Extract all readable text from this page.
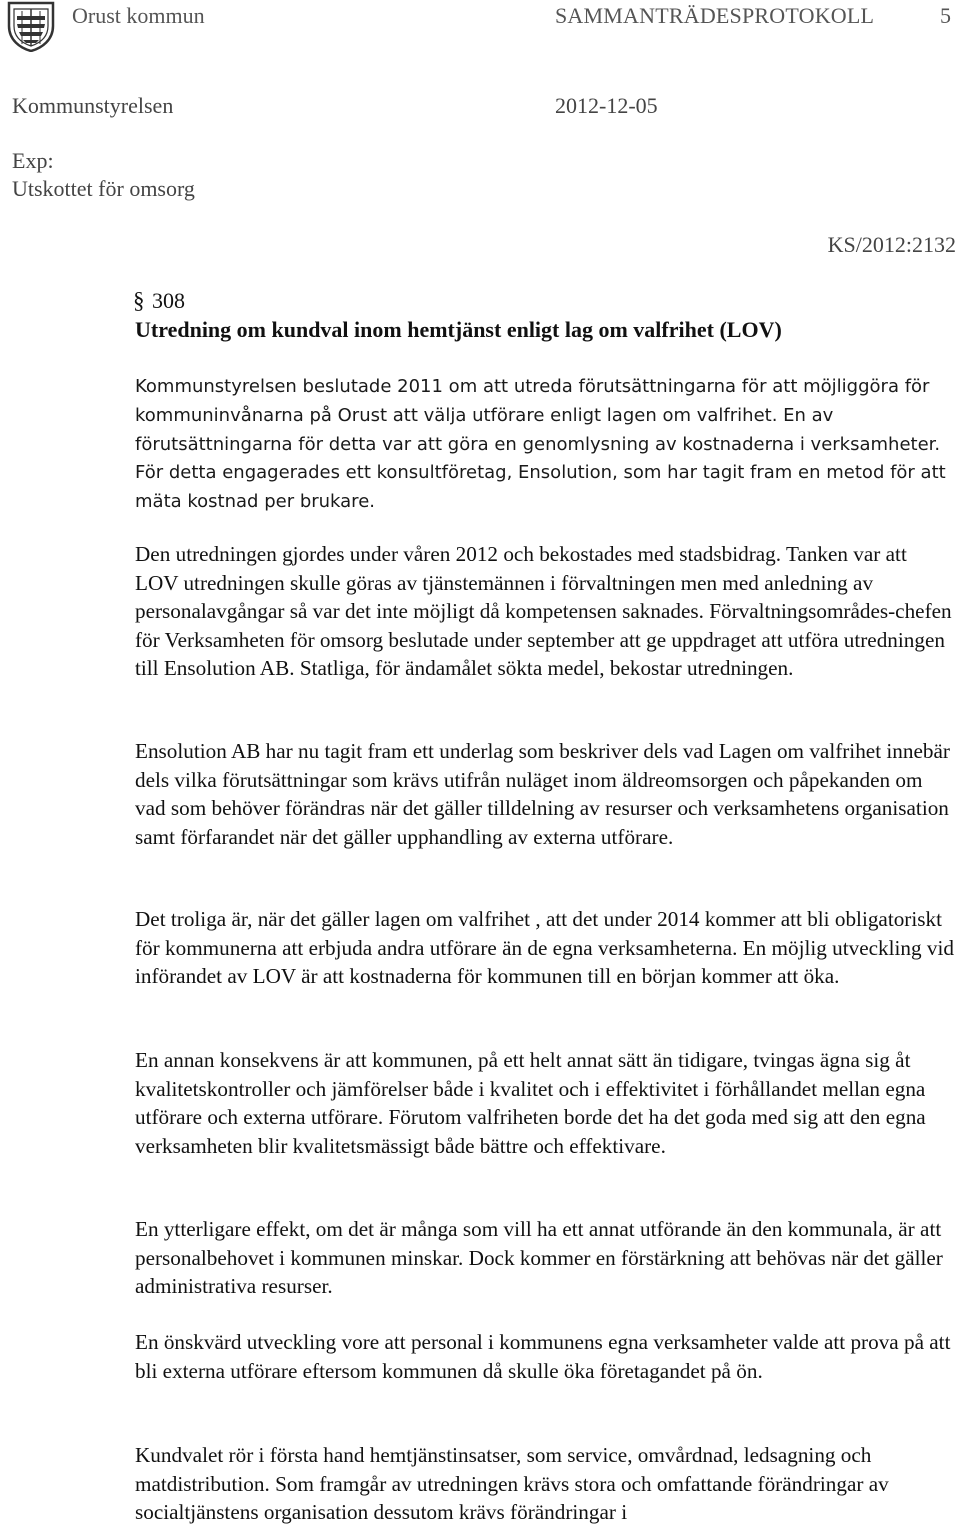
Orust kommun	SAMMANTRÄDESPROTOKOLL	5
Kommunstyrelsen	2012-12-05
Exp:
Utskottet för omsorg
KS/2012:2132
§ 308
Utredning om kundval inom hemtjänst enligt lag om valfrihet (LOV)

Kommunstyrelsen beslutade 2011 om att utreda förutsättningarna för att möjliggöra för kommuninvånarna på Orust att välja utförare enligt lagen om valfrihet. En av förutsättningarna för detta var att göra en genomlysning av kostnaderna i verksamheter. För detta engagerades ett konsultföretag, Ensolution, som har tagit fram en metod för att mäta kostnad per brukare.

Den utredningen gjordes under våren 2012 och bekostades med stadsbidrag. Tanken var att LOV utredningen skulle göras av tjänstemännen i förvaltningen men med anledning av personalavgångar så var det inte möjligt då kompetensen saknades. Förvaltningsområdes-chefen för Verksamheten för omsorg beslutade under september att ge uppdraget att utföra utredningen till Ensolution AB. Statliga, för ändamålet sökta medel, bekostar utredningen.

Ensolution AB har nu tagit fram ett underlag som beskriver dels vad Lagen om valfrihet innebär dels vilka förutsättningar som krävs utifrån nuläget inom äldreomsorgen och påpekanden om vad som behöver förändras när det gäller tilldelning av resurser och verksamhetens organisation samt förfarandet när det gäller upphandling av externa utförare.

Det troliga är, när det gäller lagen om valfrihet , att det under 2014 kommer att bli obligatoriskt för kommunerna att erbjuda andra utförare än de egna verksamheterna. En möjlig utveckling vid införandet av LOV är att kostnaderna för kommunen till en början kommer att öka.

En annan konsekvens är att kommunen, på ett helt annat sätt än tidigare, tvingas ägna sig åt kvalitetskontroller och jämförelser både i kvalitet och i effektivitet i förhållandet mellan egna utförare och externa utförare. Förutom valfriheten borde det ha det goda med sig att den egna verksamheten blir kvalitetsmässigt både bättre och effektivare.

En ytterligare effekt, om det är många som vill ha ett annat utförande än den kommunala, är att personalbehovet i kommunen minskar. Dock kommer en förstärkning att behövas när det gäller administrativa resurser.

En önskvärd utveckling vore att personal i kommunens egna verksamheter valde att prova på att bli externa utförare eftersom kommunen då skulle öka företagandet på ön.

Kundvalet rör i första hand hemtjänstinsatser, som service, omvårdnad, ledsagning och matdistribution. Som framgår av utredningen krävs stora och omfattande förändringar av socialtjänstens organisation dessutom krävs förändringar i
